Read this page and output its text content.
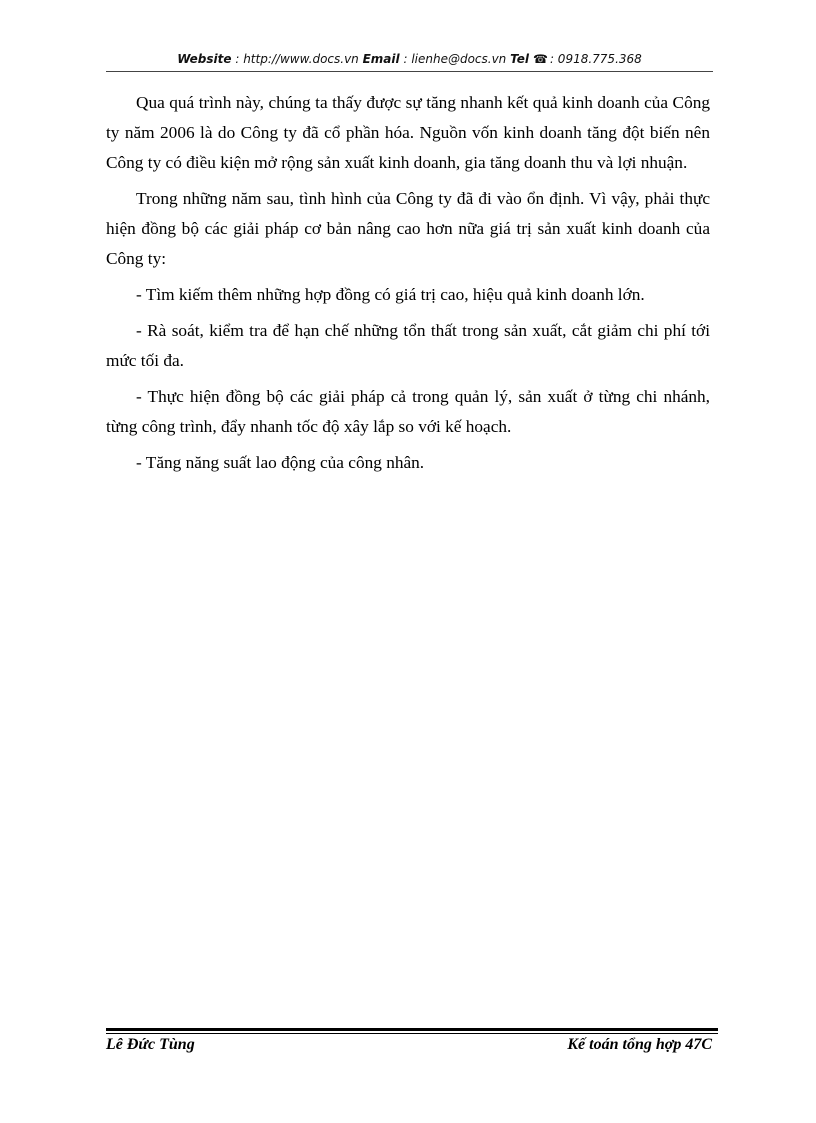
Website : http://www.docs.vn Email : lienhe@docs.vn Tel ☎ : 0918.775.368

Qua quá trình này, chúng ta thấy được sự tăng nhanh kết quả kinh doanh của Công ty năm 2006 là do Công ty đã cổ phần hóa. Nguồn vốn kinh doanh tăng đột biến nên Công ty có điều kiện mở rộng sản xuất kinh doanh, gia tăng doanh thu và lợi nhuận.

Trong những năm sau, tình hình của Công ty đã đi vào ổn định. Vì vậy, phải thực hiện đồng bộ các giải pháp cơ bản nâng cao hơn nữa giá trị sản xuất kinh doanh của Công ty:

- Tìm kiếm thêm những hợp đồng có giá trị cao, hiệu quả kinh doanh lớn.

- Rà soát, kiểm tra để hạn chế những tổn thất trong sản xuất, cắt giảm chi phí tới mức tối đa.

- Thực hiện đồng bộ các giải pháp cả trong quản lý, sản xuất ở từng chi nhánh, từng công trình, đẩy nhanh tốc độ xây lắp so với kế hoạch.

- Tăng năng suất lao động của công nhân.

Lê Đức Tùng	Kế toán tổng hợp 47C
